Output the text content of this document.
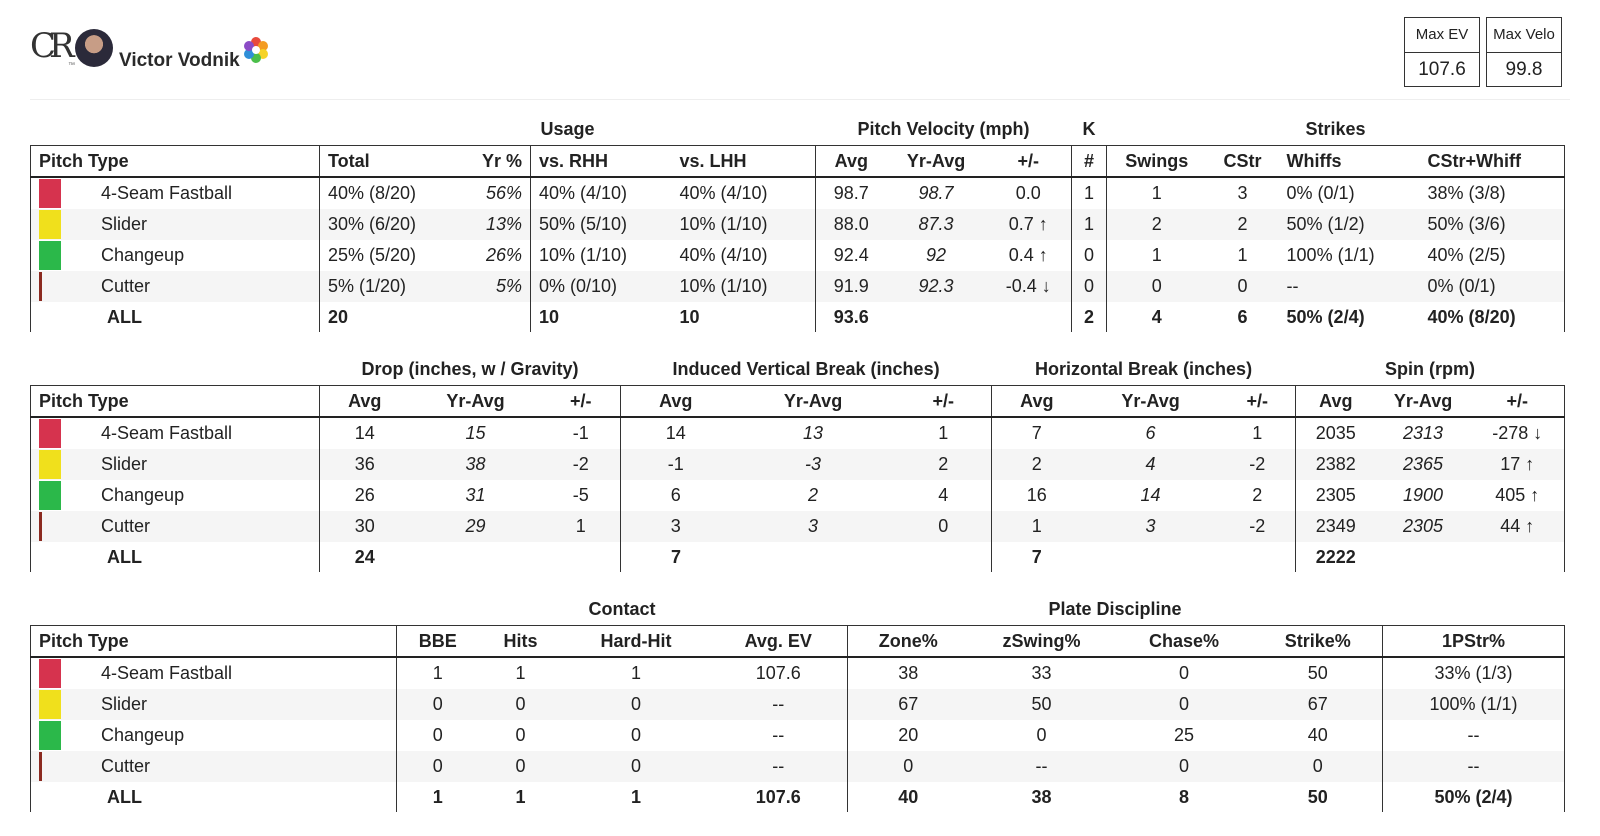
CR ™ Victor Vodnik
Max EV
107.6
Max Velo
99.8
	Usage				Pitch Velocity (mph)			K	Strikes			
Pitch Type	Total	Yr %	vs. RHH	vs. LHH	Avg	Yr-Avg	+/-	#	Swings	CStr	Whiffs	CStr+Whiff
4-Seam Fastball	40% (8/20)	56%	40% (4/10)	40% (4/10)	98.7	98.7	0.0	1	1	3	0% (0/1)	38% (3/8)
Slider	30% (6/20)	13%	50% (5/10)	10% (1/10)	88.0	87.3	0.7 ↑	1	2	2	50% (1/2)	50% (3/6)
Changeup	25% (5/20)	26%	10% (1/10)	40% (4/10)	92.4	92	0.4 ↑	0	1	1	100% (1/1)	40% (2/5)
Cutter	5% (1/20)	5%	0% (0/10)	10% (1/10)	91.9	92.3	-0.4 ↓	0	0	0	--	0% (0/1)
ALL	20		10	10	93.6			2	4	6	50% (2/4)	40% (8/20)
	Drop (inches, w / Gravity)			Induced Vertical Break (inches)			Horizontal Break (inches)			Spin (rpm)		
Pitch Type	Avg	Yr-Avg	+/-	Avg	Yr-Avg	+/-	Avg	Yr-Avg	+/-	Avg	Yr-Avg	+/-
4-Seam Fastball	14	15	-1	14	13	1	7	6	1	2035	2313	-278 ↓
Slider	36	38	-2	-1	-3	2	2	4	-2	2382	2365	17 ↑
Changeup	26	31	-5	6	2	4	16	14	2	2305	1900	405 ↑
Cutter	30	29	1	3	3	0	1	3	-2	2349	2305	44 ↑
ALL	24			7			7			2222		
	Contact				Plate Discipline				
Pitch Type	BBE	Hits	Hard-Hit	Avg. EV	Zone%	zSwing%	Chase%	Strike%	1PStr%
4-Seam Fastball	1	1	1	107.6	38	33	0	50	33% (1/3)
Slider	0	0	0	--	67	50	0	67	100% (1/1)
Changeup	0	0	0	--	20	0	25	40	--
Cutter	0	0	0	--	0	--	0	0	--
ALL	1	1	1	107.6	40	38	8	50	50% (2/4)
